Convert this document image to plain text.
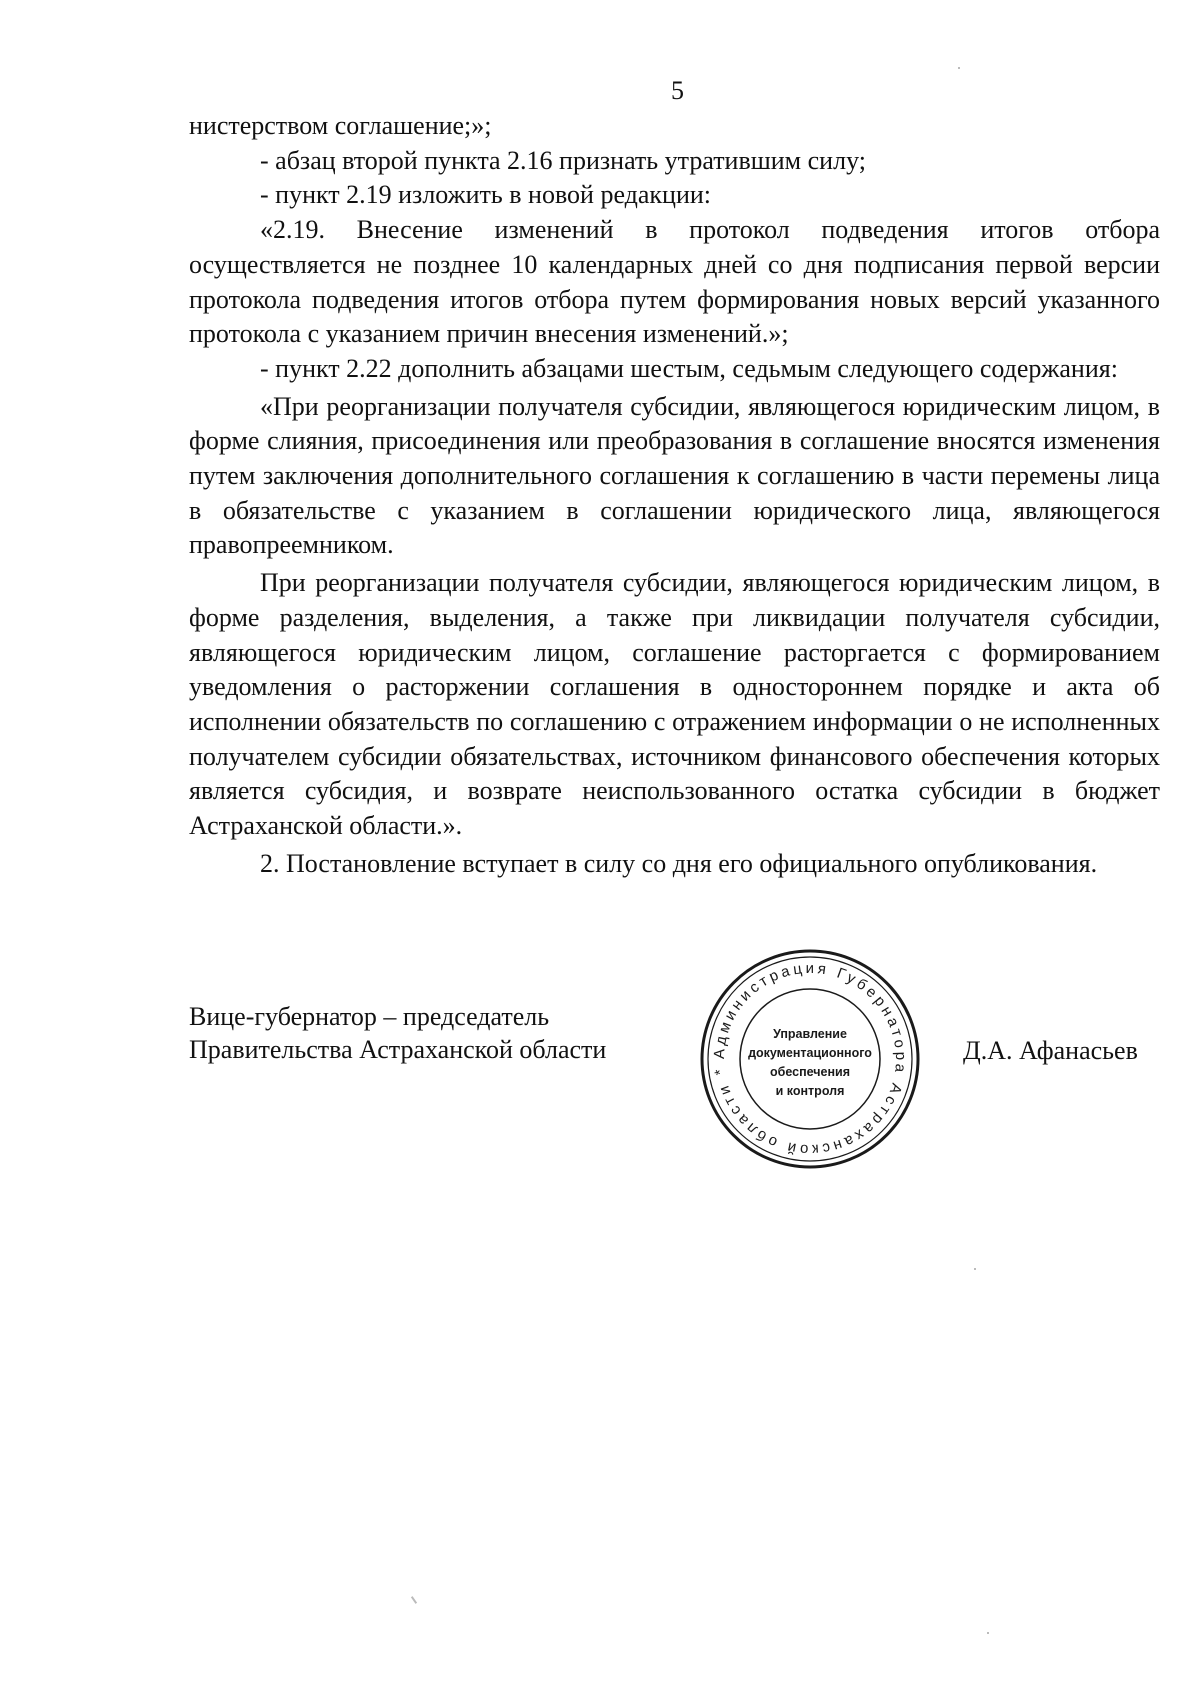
5

нистерством соглашение;»;

- абзац второй пункта 2.16 признать утратившим силу;

- пункт 2.19 изложить в новой редакции:

«2.19. Внесение изменений в протокол подведения итогов отбора осуществляется не позднее 10 календарных дней со дня подписания первой версии протокола подведения итогов отбора путем формирования новых версий указанного протокола с указанием причин внесения изменений.»;

- пункт 2.22 дополнить абзацами шестым, седьмым следующего содержания:

«При реорганизации получателя субсидии, являющегося юридическим лицом, в форме слияния, присоединения или преобразования в соглашение вносятся изменения путем заключения дополнительного соглашения к соглашению в части перемены лица в обязательстве с указанием в соглашении юридического лица, являющегося правопреемником.

При реорганизации получателя субсидии, являющегося юридическим лицом, в форме разделения, выделения, а также при ликвидации получателя субсидии, являющегося юридическим лицом, соглашение расторгается с формированием уведомления о расторжении соглашения в одностороннем порядке и акта об исполнении обязательств по соглашению с отражением информации о не исполненных получателем субсидии обязательствах, источником финансового обеспечения которых является субсидия, и возврате неиспользованного остатка субсидии в бюджет Астраханской области.».

2. Постановление вступает в силу со дня его официального опубликования.

Вице-губернатор – председатель
Правительства Астраханской области	Администрация Губернатора Астраханской области *
Управление
документационного
обеспечения
и контроля
Д.А. Афанасьев
